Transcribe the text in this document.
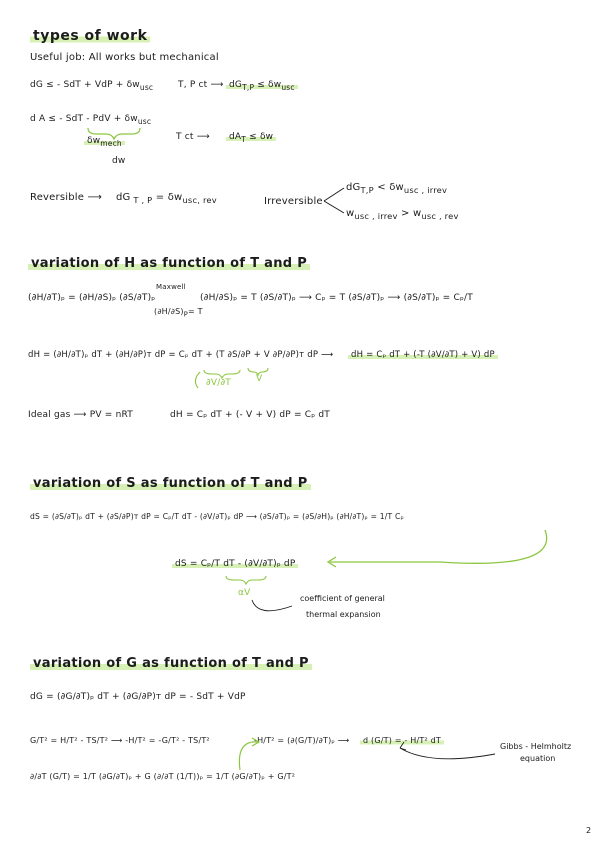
types of work
Useful job: All works but mechanical
dG ≤ - SdT + VdP + $\delta w_{usc}$	T, P ct ⟶ $dG_{T,P} \le \delta w_{usc}$
d A ≤ - SdT - PdV + $\delta w_{usc}$
$\delta w_{mech}$
dw
T ct ⟶	$dA_T \le \delta w$
Reversible ⟶ dG $_{T , P} = \delta w_{usc, rev}$	Irreversible
$dG_{T,P} < \delta w_{usc , irrev}$
$w_{usc , irrev} > w_{usc , rev}$
variation of H as function of T and P
(∂H/∂T)ₚ = (∂H/∂S)ₚ (∂S/∂T)ₚ
Maxwell
$(\partial H/\partial S)_P= T$
(∂H/∂S)ₚ = T (∂S/∂T)ₚ ⟶ Cₚ = T (∂S/∂T)ₚ ⟶ (∂S/∂T)ₚ = Cₚ/T
dH = (∂H/∂T)ₚ dT + (∂H/∂P)ᴛ dP = Cₚ dT + (T ∂S/∂P + V ∂P/∂P)ᴛ dP ⟶	dH = Cₚ dT + (-T (∂V/∂T) + V) dP
∂V/∂T	V
Ideal gas ⟶ PV = nRT	dH = Cₚ dT + (- V + V) dP = Cₚ dT
variation of S as function of T and P
dS = (∂S/∂T)ₚ dT + (∂S/∂P)ᴛ dP = Cₚ/T dT - (∂V/∂T)ₚ dP ⟶ (∂S/∂T)ₚ = (∂S/∂H)ₚ (∂H/∂T)ₚ = 1/T Cₚ
dS = Cₚ/T dT - (∂V/∂T)ₚ dP
αV
coefficient of general
thermal expansion
variation of G as function of T and P
dG = (∂G/∂T)ₚ dT + (∂G/∂P)ᴛ dP = - SdT + VdP
G/T² = H/T² - TS/T² ⟶ -H/T² = -G/T² - TS/T²	-H/T² = (∂(G/T)/∂T)ₚ ⟶	d (G/T) = - H/T² dT
Gibbs - Helmholtz
equation
∂/∂T (G/T) = 1/T (∂G/∂T)ₚ + G (∂/∂T (1/T))ₚ = 1/T (∂G/∂T)ₚ + G/T²
2
